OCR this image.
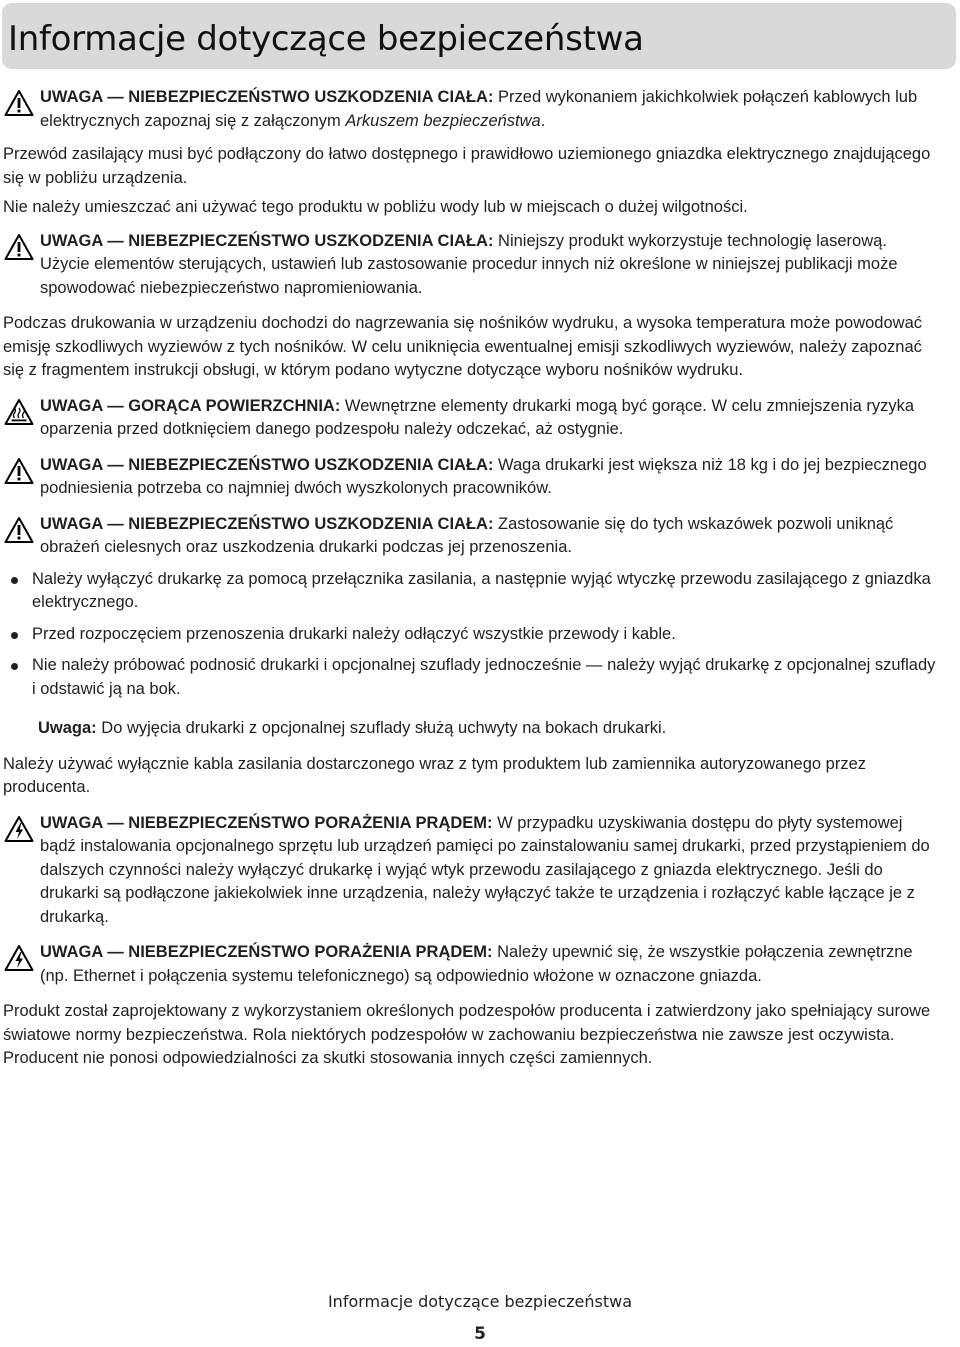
Informacje dotyczące bezpieczeństwa
UWAGA — NIEBEZPIECZEŃSTWO USZKODZENIA CIAŁA: Przed wykonaniem jakichkolwiek połączeń kablowych lub elektrycznych zapoznaj się z załączonym Arkuszem bezpieczeństwa.

Przewód zasilający musi być podłączony do łatwo dostępnego i prawidłowo uziemionego gniazdka elektrycznego znajdującego się w pobliżu urządzenia.

Nie należy umieszczać ani używać tego produktu w pobliżu wody lub w miejscach o dużej wilgotności.

UWAGA — NIEBEZPIECZEŃSTWO USZKODZENIA CIAŁA: Niniejszy produkt wykorzystuje technologię laserową. Użycie elementów sterujących, ustawień lub zastosowanie procedur innych niż określone w niniejszej publikacji może spowodować niebezpieczeństwo napromieniowania.

Podczas drukowania w urządzeniu dochodzi do nagrzewania się nośników wydruku, a wysoka temperatura może powodować emisję szkodliwych wyziewów z tych nośników. W celu uniknięcia ewentualnej emisji szkodliwych wyziewów, należy zapoznać się z fragmentem instrukcji obsługi, w którym podano wytyczne dotyczące wyboru nośników wydruku.

UWAGA — GORĄCA POWIERZCHNIA: Wewnętrzne elementy drukarki mogą być gorące. W celu zmniejszenia ryzyka oparzenia przed dotknięciem danego podzespołu należy odczekać, aż ostygnie.
UWAGA — NIEBEZPIECZEŃSTWO USZKODZENIA CIAŁA: Waga drukarki jest większa niż 18 kg i do jej bezpiecznego podniesienia potrzeba co najmniej dwóch wyszkolonych pracowników.
UWAGA — NIEBEZPIECZEŃSTWO USZKODZENIA CIAŁA: Zastosowanie się do tych wskazówek pozwoli uniknąć obrażeń cielesnych oraz uszkodzenia drukarki podczas jej przenoszenia.
Należy wyłączyć drukarkę za pomocą przełącznika zasilania, a następnie wyjąć wtyczkę przewodu zasilającego z gniazdka elektrycznego.
Przed rozpoczęciem przenoszenia drukarki należy odłączyć wszystkie przewody i kable.
Nie należy próbować podnosić drukarki i opcjonalnej szuflady jednocześnie — należy wyjąć drukarkę z opcjonalnej szuflady i odstawić ją na bok.

Uwaga: Do wyjęcia drukarki z opcjonalnej szuflady służą uchwyty na bokach drukarki.

Należy używać wyłącznie kabla zasilania dostarczonego wraz z tym produktem lub zamiennika autoryzowanego przez producenta.

UWAGA — NIEBEZPIECZEŃSTWO PORAŻENIA PRĄDEM: W przypadku uzyskiwania dostępu do płyty systemowej bądź instalowania opcjonalnego sprzętu lub urządzeń pamięci po zainstalowaniu samej drukarki, przed przystąpieniem do dalszych czynności należy wyłączyć drukarkę i wyjąć wtyk przewodu zasilającego z gniazda elektrycznego. Jeśli do drukarki są podłączone jakiekolwiek inne urządzenia, należy wyłączyć także te urządzenia i rozłączyć kable łączące je z drukarką.
UWAGA — NIEBEZPIECZEŃSTWO PORAŻENIA PRĄDEM: Należy upewnić się, że wszystkie połączenia zewnętrzne (np. Ethernet i połączenia systemu telefonicznego) są odpowiednio włożone w oznaczone gniazda.

Produkt został zaprojektowany z wykorzystaniem określonych podzespołów producenta i zatwierdzony jako spełniający surowe światowe normy bezpieczeństwa. Rola niektórych podzespołów w zachowaniu bezpieczeństwa nie zawsze jest oczywista. Producent nie ponosi odpowiedzialności za skutki stosowania innych części zamiennych.

Informacje dotyczące bezpieczeństwa
5
